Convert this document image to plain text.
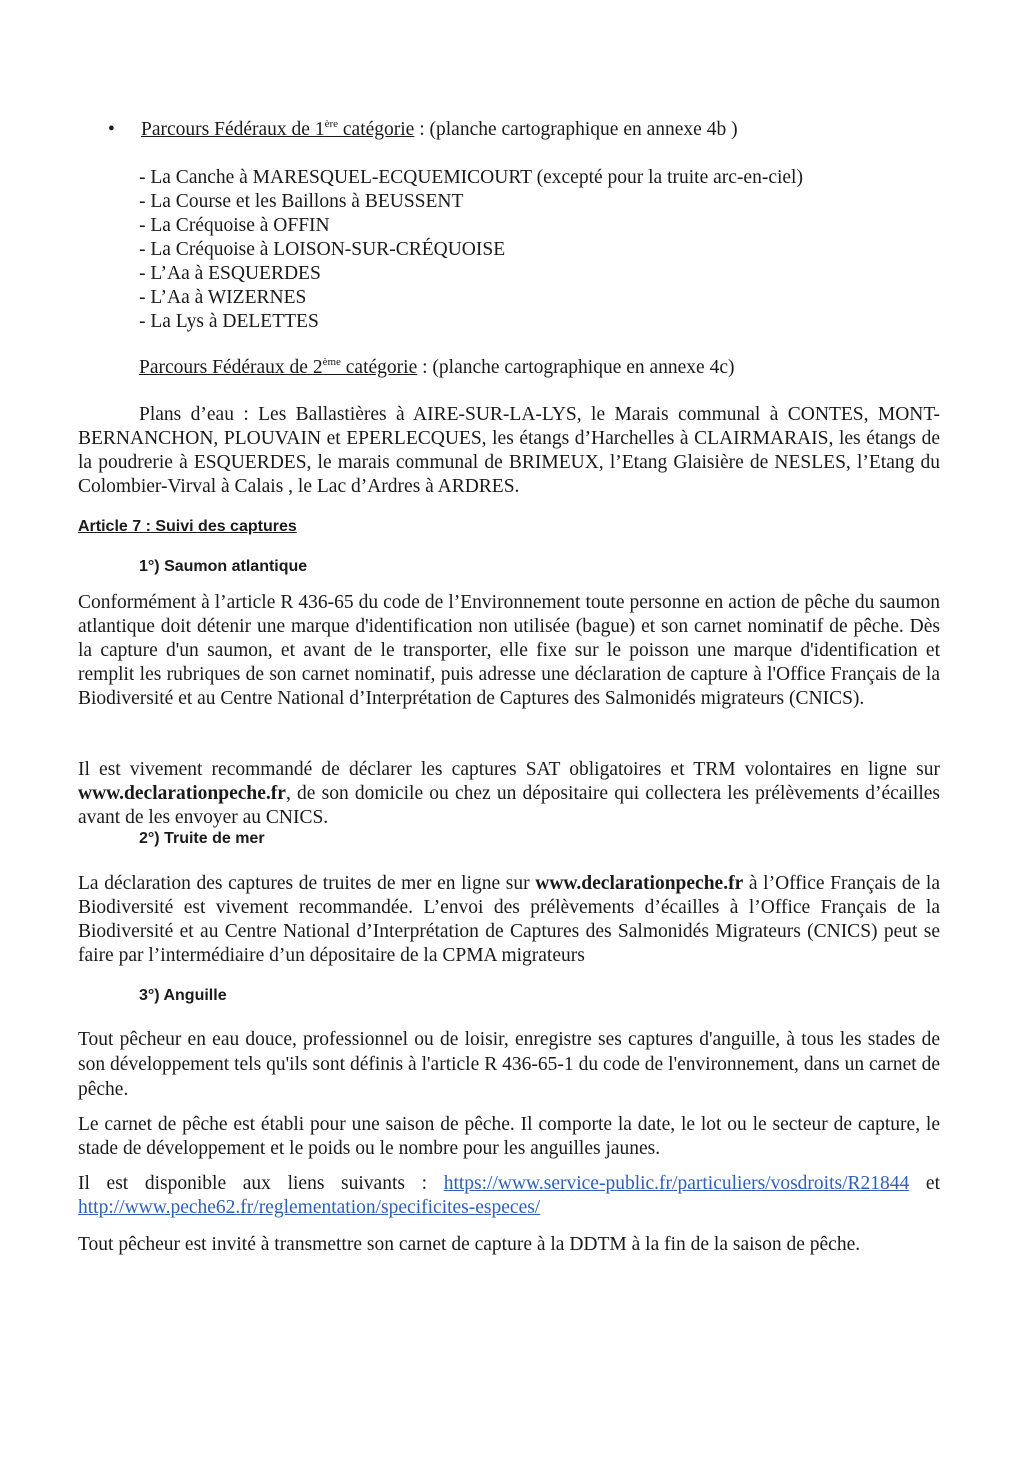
• Parcours Fédéraux de 1ère catégorie : (planche cartographique en annexe 4b )
- La Canche à MARESQUEL-ECQUEMICOURT (excepté pour la truite arc-en-ciel)
- La Course et les Baillons à BEUSSENT
- La Créquoise à OFFIN
- La Créquoise à LOISON-SUR-CRÉQUOISE
- L’Aa à ESQUERDES
- L’Aa à WIZERNES
- La Lys à DELETTES
Parcours Fédéraux de 2ème catégorie : (planche cartographique en annexe 4c)
Plans d’eau : Les Ballastières à AIRE-SUR-LA-LYS, le Marais communal à CONTES, MONT-BERNANCHON, PLOUVAIN et EPERLECQUES, les étangs d’Harchelles à CLAIRMARAIS, les étangs de la poudrerie à ESQUERDES, le marais communal de BRIMEUX, l’Etang Glaisière de NESLES, l’Etang du Colombier-Virval à Calais , le Lac d’Ardres à ARDRES.
Article 7 : Suivi des captures
1°) Saumon atlantique
Conformément à l’article R 436-65 du code de l’Environnement toute personne en action de pêche du saumon atlantique doit détenir une marque d'identification non utilisée (bague) et son carnet nominatif de pêche. Dès la capture d'un saumon, et avant de le transporter, elle fixe sur le poisson une marque d'identification et remplit les rubriques de son carnet nominatif, puis adresse une déclaration de capture à l'Office Français de la Biodiversité et au Centre National d’Interprétation de Captures des Salmonidés migrateurs (CNICS).
Il est vivement recommandé de déclarer les captures SAT obligatoires et TRM volontaires en ligne sur www.declarationpeche.fr, de son domicile ou chez un dépositaire qui collectera les prélèvements d’écailles avant de les envoyer au CNICS.
2°) Truite de mer
La déclaration des captures de truites de mer en ligne sur www.declarationpeche.fr à l’Office Français de la Biodiversité est vivement recommandée. L’envoi des prélèvements d’écailles à l’Office Français de la Biodiversité et au Centre National d’Interprétation de Captures des Salmonidés Migrateurs (CNICS) peut se faire par l’intermédiaire d’un dépositaire de la CPMA migrateurs
3°) Anguille
Tout pêcheur en eau douce, professionnel ou de loisir, enregistre ses captures d'anguille, à tous les stades de son développement tels qu'ils sont définis à l'article R 436-65-1 du code de l'environnement, dans un carnet de pêche.
Le carnet de pêche est établi pour une saison de pêche. Il comporte la date, le lot ou le secteur de capture, le stade de développement et le poids ou le nombre pour les anguilles jaunes.
Il est disponible aux liens suivants : https://www.service-public.fr/particuliers/vosdroits/R21844 et http://www.peche62.fr/reglementation/specificites-especes/
Tout pêcheur est invité à transmettre son carnet de capture à la DDTM à la fin de la saison de pêche.
